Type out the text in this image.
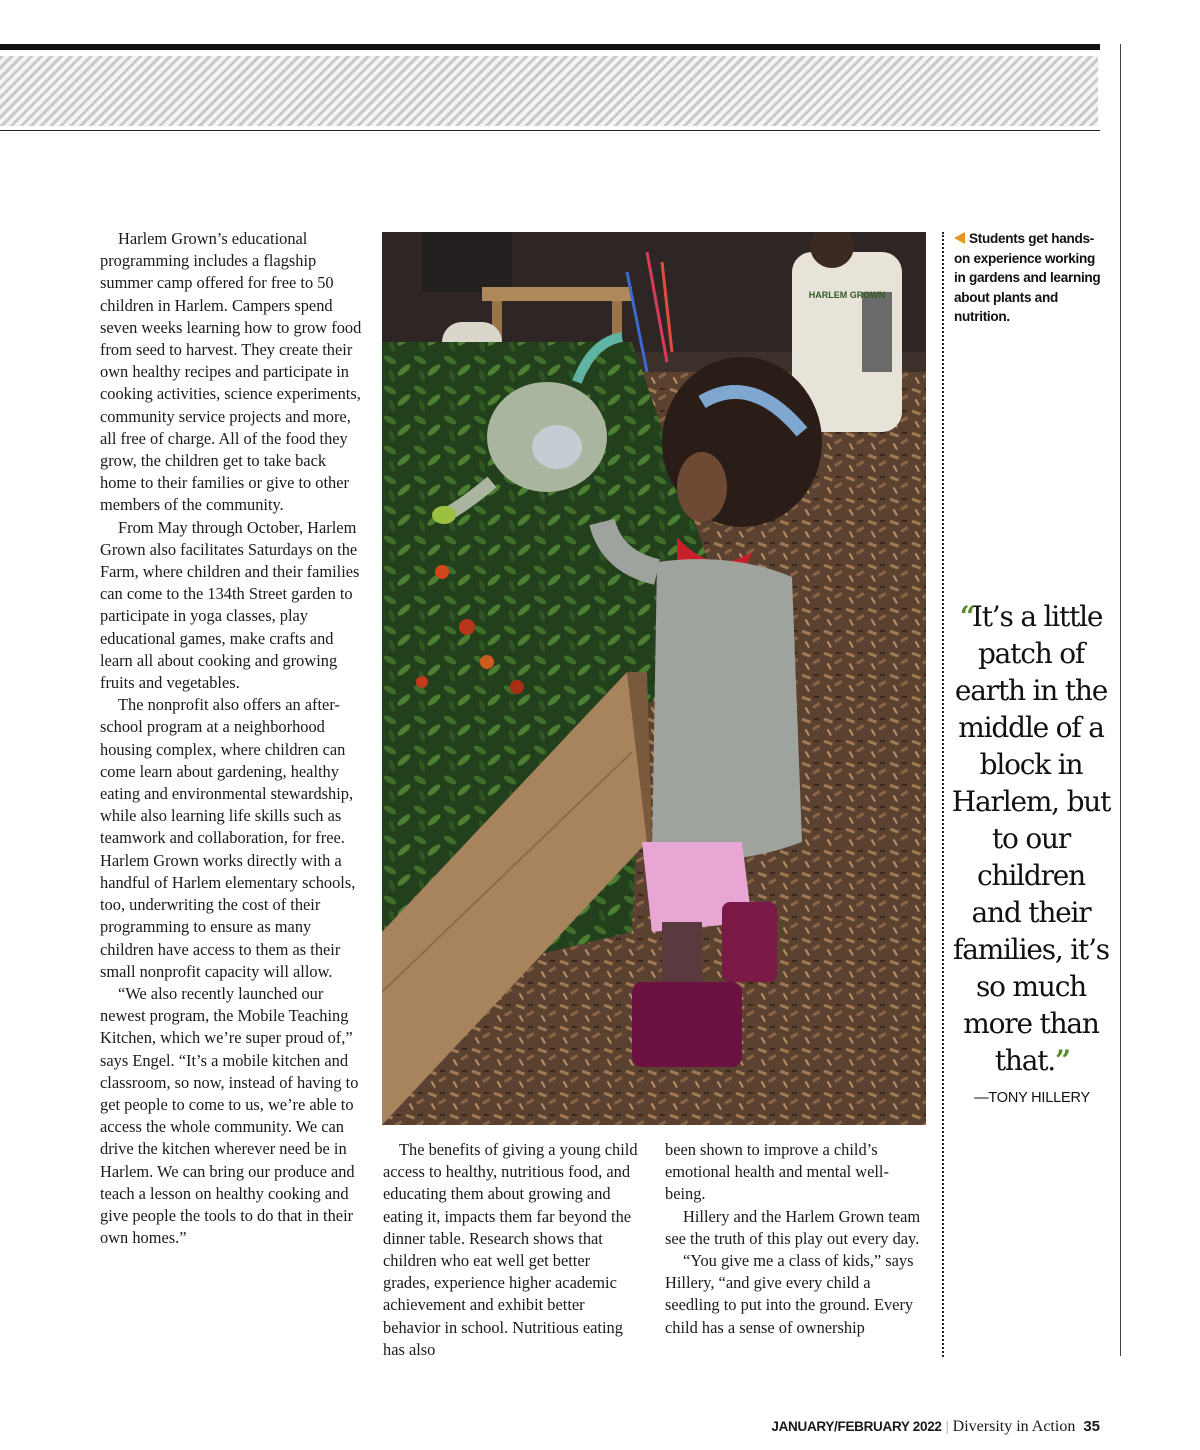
Harlem Grown’s educational programming includes a flagship summer camp offered for free to 50 children in Harlem. Campers spend seven weeks learning how to grow food from seed to harvest. They create their own healthy recipes and participate in cooking activities, science experiments, community service projects and more, all free of charge. All of the food they grow, the children get to take back home to their families or give to other members of the community.

From May through October, Harlem Grown also facilitates Saturdays on the Farm, where children and their families can come to the 134th Street garden to participate in yoga classes, play educational games, make crafts and learn all about cooking and growing fruits and vegetables.

The nonprofit also offers an after-school program at a neighborhood housing complex, where children can come learn about gardening, healthy eating and environmental stewardship, while also learning life skills such as teamwork and collaboration, for free. Harlem Grown works directly with a handful of Harlem elementary schools, too, underwriting the cost of their programming to ensure as many children have access to them as their small nonprofit capacity will allow.

“We also recently launched our newest program, the Mobile Teaching Kitchen, which we’re super proud of,” says Engel. “It’s a mobile kitchen and classroom, so now, instead of having to get people to come to us, we’re able to access the whole community. We can drive the kitchen wherever need be in Harlem. We can bring our produce and teach a lesson on healthy cooking and give people the tools to do that in their own homes.”

HARLEM GROWN

The benefits of giving a young child access to healthy, nutritious food, and educating them about growing and eating it, impacts them far beyond the dinner table. Research shows that children who eat well get better grades, experience higher academic achievement and exhibit better behavior in school. Nutritious eating has also

been shown to improve a child’s emotional health and mental well-being.

Hillery and the Harlem Grown team see the truth of this play out every day.

“You give me a class of kids,” says Hillery, “and give every child a seedling to put into the ground. Every child has a sense of ownership

Students get hands-on experience working in gardens and learning about plants and nutrition.
“It’s a little patch of earth in the middle of a block in Harlem, but to our children and their families, it’s so much more than that.”
—TONY HILLERY
JANUARY/FEBRUARY 2022 | Diversity in Action 35
